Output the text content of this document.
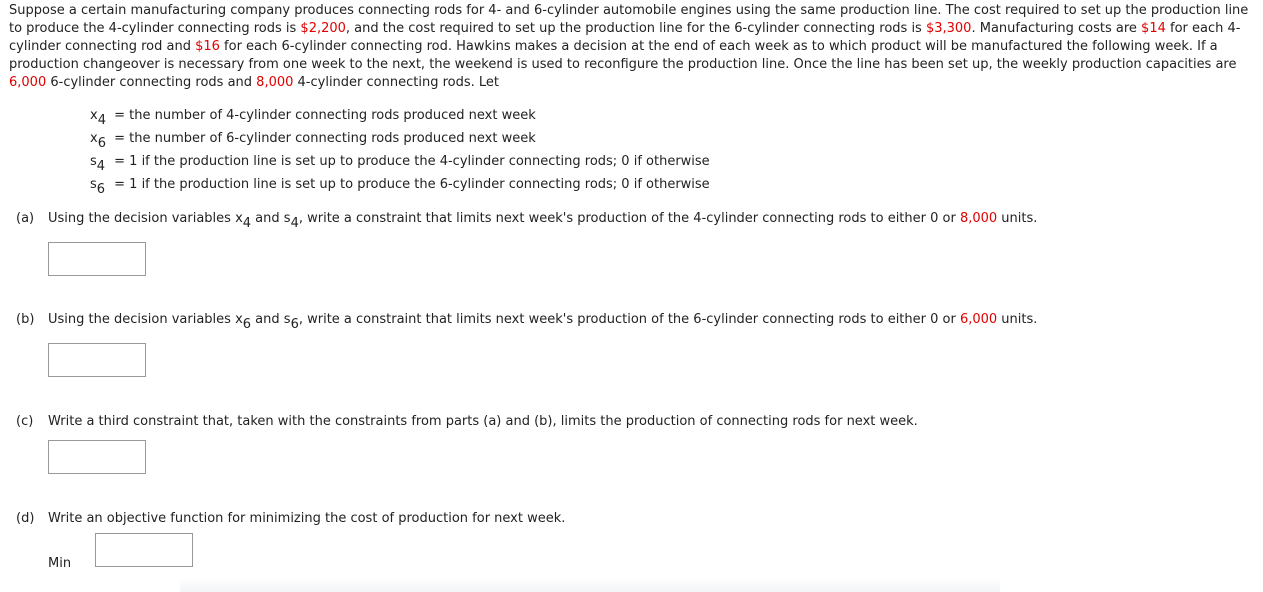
Suppose a certain manufacturing company produces connecting rods for 4- and 6-cylinder automobile engines using the same production line. The cost required to set up the production line to produce the 4-cylinder connecting rods is $2,200, and the cost required to set up the production line for the 6-cylinder connecting rods is $3,300. Manufacturing costs are $14 for each 4-cylinder connecting rod and $16 for each 6-cylinder connecting rod. Hawkins makes a decision at the end of each week as to which product will be manufactured the following week. If a production changeover is necessary from one week to the next, the weekend is used to reconfigure the production line. Once the line has been set up, the weekly production capacities are 6,000 6-cylinder connecting rods and 8,000 4-cylinder connecting rods. Let

$x_4$ = the number of 4-cylinder connecting rods produced next week
$x_6$ = the number of 6-cylinder connecting rods produced next week
$s_4 = 1$ if the production line is set up to produce the 4-cylinder connecting rods; 0 if otherwise
$s_6 = 1$ if the production line is set up to produce the 6-cylinder connecting rods; 0 if otherwise
(a) Using the decision variables $x_4$ and $s_4$, write a constraint that limits next week's production of the 4-cylinder connecting rods to either 0 or 8,000 units.
(b) Using the decision variables $x_6$ and $s_6$, write a constraint that limits next week's production of the 6-cylinder connecting rods to either 0 or 6,000 units.
(c) Write a third constraint that, taken with the constraints from parts (a) and (b), limits the production of connecting rods for next week.
(d) Write an objective function for minimizing the cost of production for next week.
Min
